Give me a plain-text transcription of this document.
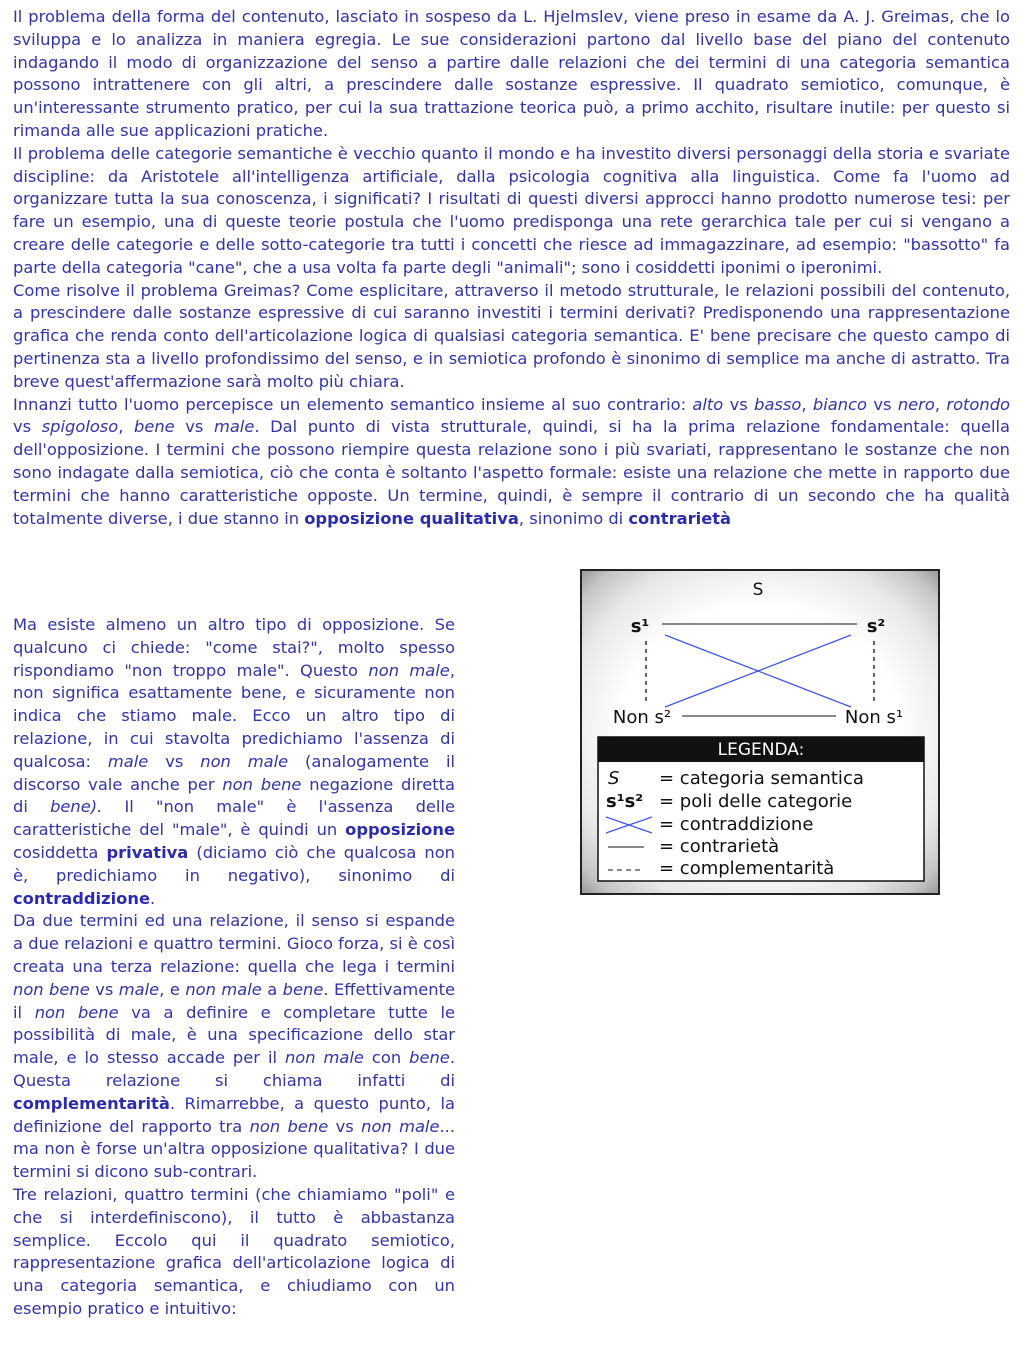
Il problema della forma del contenuto, lasciato in sospeso da L. Hjelmslev, viene preso in esame da A. J. Greimas, che lo sviluppa e lo analizza in maniera egregia. Le sue considerazioni partono dal livello base del piano del contenuto indagando il modo di organizzazione del senso a partire dalle relazioni che dei termini di una categoria semantica possono intrattenere con gli altri, a prescindere dalle sostanze espressive. Il quadrato semiotico, comunque, è un'interessante strumento pratico, per cui la sua trattazione teorica può, a primo acchito, risultare inutile: per questo si rimanda alle sue applicazioni pratiche.

Il problema delle categorie semantiche è vecchio quanto il mondo e ha investito diversi personaggi della storia e svariate discipline: da Aristotele all'intelligenza artificiale, dalla psicologia cognitiva alla linguistica. Come fa l'uomo ad organizzare tutta la sua conoscenza, i significati? I risultati di questi diversi approcci hanno prodotto numerose tesi: per fare un esempio, una di queste teorie postula che l'uomo predisponga una rete gerarchica tale per cui si vengano a creare delle categorie e delle sotto-categorie tra tutti i concetti che riesce ad immagazzinare, ad esempio: "bassotto" fa parte della categoria "cane", che a usa volta fa parte degli "animali"; sono i cosiddetti iponimi o iperonimi.

Come risolve il problema Greimas? Come esplicitare, attraverso il metodo strutturale, le relazioni possibili del contenuto, a prescindere dalle sostanze espressive di cui saranno investiti i termini derivati? Predisponendo una rappresentazione grafica che renda conto dell'articolazione logica di qualsiasi categoria semantica. E' bene precisare che questo campo di pertinenza sta a livello profondissimo del senso, e in semiotica profondo è sinonimo di semplice ma anche di astratto. Tra breve quest'affermazione sarà molto più chiara.

Innanzi tutto l'uomo percepisce un elemento semantico insieme al suo contrario: alto vs basso, bianco vs nero, rotondo vs spigoloso, bene vs male. Dal punto di vista strutturale, quindi, si ha la prima relazione fondamentale: quella dell'opposizione. I termini che possono riempire questa relazione sono i più svariati, rappresentano le sostanze che non sono indagate dalla semiotica, ciò che conta è soltanto l'aspetto formale: esiste una relazione che mette in rapporto due termini che hanno caratteristiche opposte. Un termine, quindi, è sempre il contrario di un secondo che ha qualità totalmente diverse, i due stanno in opposizione qualitativa, sinonimo di contrarietà

Ma esiste almeno un altro tipo di opposizione. Se qualcuno ci chiede: "come stai?", molto spesso rispondiamo "non troppo male". Questo non male, non significa esattamente bene, e sicuramente non indica che stiamo male. Ecco un altro tipo di relazione, in cui stavolta predichiamo l'assenza di qualcosa: male vs non male (analogamente il discorso vale anche per non bene negazione diretta di bene). Il "non male" è l'assenza delle caratteristiche del "male", è quindi un opposizione cosiddetta privativa (diciamo ciò che qualcosa non è, predichiamo in negativo), sinonimo di contraddizione.

Da due termini ed una relazione, il senso si espande a due relazioni e quattro termini. Gioco forza, si è così creata una terza relazione: quella che lega i termini non bene vs male, e non male a bene. Effettivamente il non bene va a definire e completare tutte le possibilità di male, è una specificazione dello star male, e lo stesso accade per il non male con bene. Questa relazione si chiama infatti di complementarità. Rimarrebbe, a questo punto, la definizione del rapporto tra non bene vs non male... ma non è forse un'altra opposizione qualitativa? I due termini si dicono sub-contrari.

Tre relazioni, quattro termini (che chiamiamo "poli" e che si interdefiniscono), il tutto è abbastanza semplice. Eccolo qui il quadrato semiotico, rappresentazione grafica dell'articolazione logica di una categoria semantica, e chiudiamo con un esempio pratico e intuitivo:

S
s¹	s²
Non s²	Non s¹
LEGENDA:
S = categoria semantica
s¹s² = poli delle categorie
= contraddizione
= contrarietà
= complementarità
